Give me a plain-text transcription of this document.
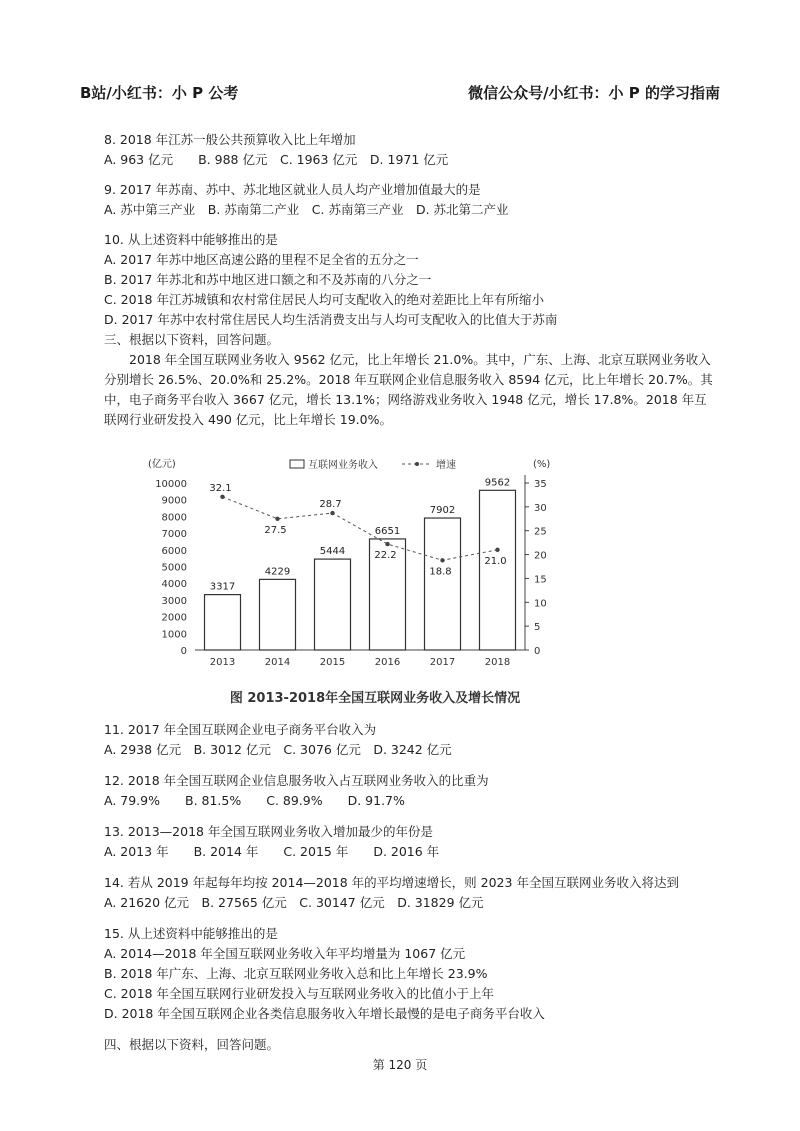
B站/小红书：小 P 公考	微信公众号/小红书：小 P 的学习指南
8. 2018 年江苏一般公共预算收入比上年增加
A. 963 亿元　　B. 988 亿元　C. 1963 亿元　D. 1971 亿元
9. 2017 年苏南、苏中、苏北地区就业人员人均产业增加值最大的是
A. 苏中第三产业　B. 苏南第二产业　C. 苏南第三产业　D. 苏北第二产业
10. 从上述资料中能够推出的是
A. 2017 年苏中地区高速公路的里程不足全省的五分之一
B. 2017 年苏北和苏中地区进口额之和不及苏南的八分之一
C. 2018 年江苏城镇和农村常住居民人均可支配收入的绝对差距比上年有所缩小
D. 2017 年苏中农村常住居民人均生活消费支出与人均可支配收入的比值大于苏南
三、根据以下资料，回答问题。
2018 年全国互联网业务收入 9562 亿元，比上年增长 21.0%。其中，广东、上海、北京互联网业务收入分别增长 26.5%、20.0%和 25.2%。2018 年互联网企业信息服务收入 8594 亿元，比上年增长 20.7%。其中，电子商务平台收入 3667 亿元，增长 13.1%；网络游戏业务收入 1948 亿元，增长 17.8%。2018 年互联网行业研发投入 490 亿元，比上年增长 19.0%。
(亿元)	(%)
0
1000
2000
3000
4000
5000
6000
7000
8000
9000
10000
0
5
10
15
20
25
30
35
3317
2013
4229
2014
5444
2015
6651
2016
7902
2017
9562
2018
32.1
27.5
28.7
22.2
18.8
21.0
互联网业务收入	增速
图 2013-2018年全国互联网业务收入及增长情况
11. 2017 年全国互联网企业电子商务平台收入为
A. 2938 亿元　B. 3012 亿元　C. 3076 亿元　D. 3242 亿元
12. 2018 年全国互联网企业信息服务收入占互联网业务收入的比重为
A. 79.9%　　B. 81.5%　　C. 89.9%　　D. 91.7%
13. 2013—2018 年全国互联网业务收入增加最少的年份是
A. 2013 年　　B. 2014 年　　C. 2015 年　　D. 2016 年
14. 若从 2019 年起每年均按 2014—2018 年的平均增速增长，则 2023 年全国互联网业务收入将达到
A. 21620 亿元　B. 27565 亿元　C. 30147 亿元　D. 31829 亿元
15. 从上述资料中能够推出的是
A. 2014—2018 年全国互联网业务收入年平均增量为 1067 亿元
B. 2018 年广东、上海、北京互联网业务收入总和比上年增长 23.9%
C. 2018 年全国互联网行业研发投入与互联网业务收入的比值小于上年
D. 2018 年全国互联网企业各类信息服务收入年增长最慢的是电子商务平台收入
四、根据以下资料，回答问题。
第 120 页
